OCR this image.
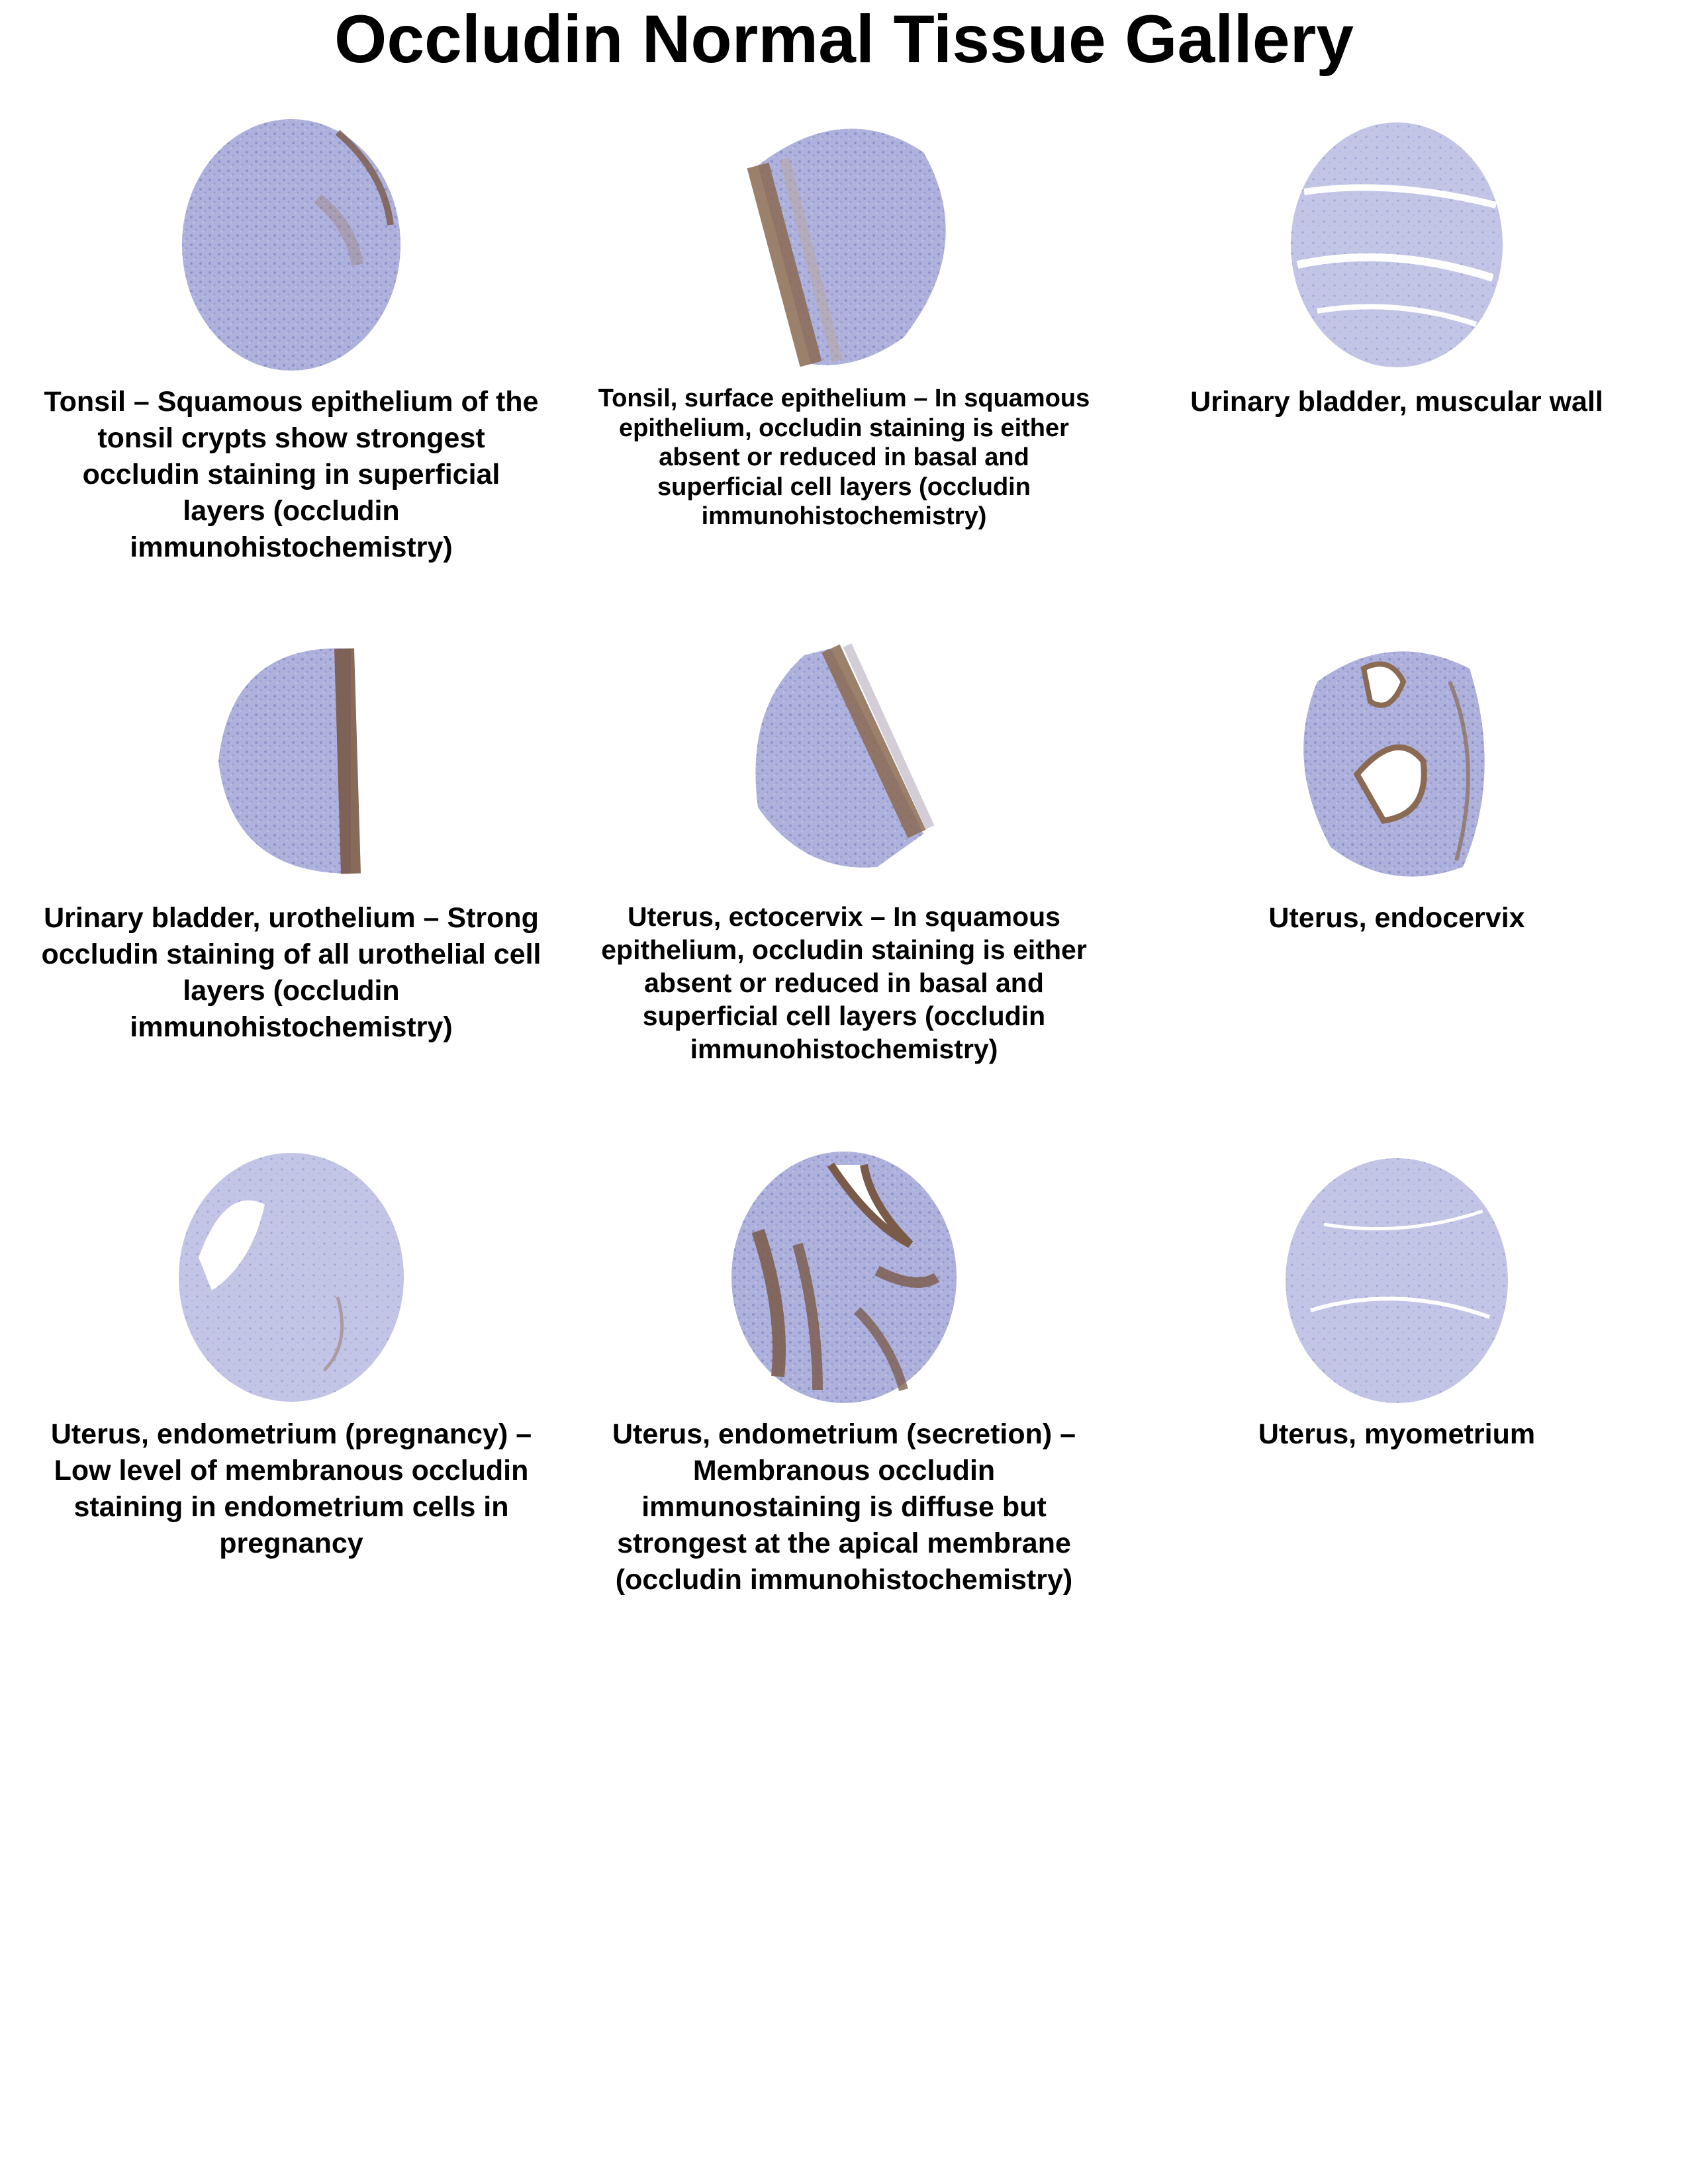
Occludin Normal Tissue Gallery
Tonsil – Squamous epithelium of the tonsil crypts show strongest occludin staining in superficial layers (occludin immunohistochemistry)
Tonsil, surface epithelium – In squamous epithelium, occludin staining is either absent or reduced in basal and superficial cell layers (occludin immunohistochemistry)
Urinary bladder, muscular wall
Urinary bladder, urothelium – Strong occludin staining of all urothelial cell layers (occludin immunohistochemistry)
Uterus, ectocervix – In squamous epithelium, occludin staining is either absent or reduced in basal and superficial cell layers (occludin immunohistochemistry)
Uterus, endocervix
Uterus, endometrium (pregnancy) – Low level of membranous occludin staining in endometrium cells in pregnancy
Uterus, endometrium (secretion) – Membranous occludin immunostaining is diffuse but strongest at the apical membrane (occludin immunohistochemistry)
Uterus, myometrium
